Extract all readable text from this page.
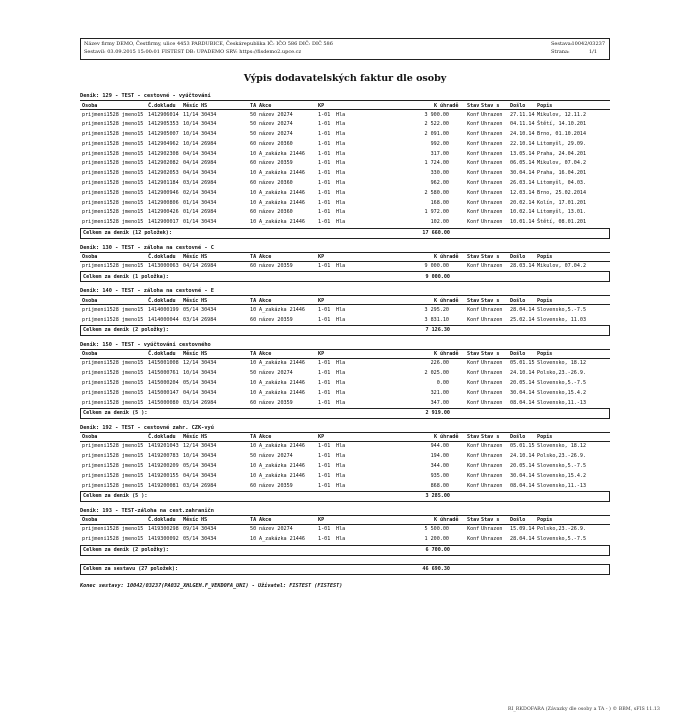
Název firmy DEMO, Čestfirmy, ulice 4453 PARDUBICE, Českárepublika IČ: IČO 586 DIČ: DIČ 586
Sestavil: 03.09.2015 15:00:01 FISTEST DB: UPADEMO SRV: https://fisdemo2.upce.cz
Sestava: 10042/03237
Strana:	1/1
Výpis dodavatelských faktur dle osoby
Deník: 129 - TEST - cestovné - vyúčtování
Osoba	Č.dokladu Měsíc HS	TA Akce	KP	K úhradě Stav Stav s Došlo Popis
prijmeni1528 jmeno15 1412906014 11/14 30434	50 název 20274	1-01 Hla	3 900.00	Konf Uhrazen 27.11.14 Mikulov, 12.11.2
prijmeni1528 jmeno15 1412905353 10/14 30434	50 název 20274	1-01 Hla	2 522.00	Konf Uhrazen 04.11.14 Štětí, 14.10.201
prijmeni1528 jmeno15 1412905007 10/14 30434	50 název 20274	1-01 Hla	2 091.00	Konf Uhrazen 24.10.14 Brno, 01.10.2014
prijmeni1528 jmeno15 1412904962 10/14 26984	60 název 20360	1-01 Hla	992.00	Konf Uhrazen 22.10.14 Litomyšl, 29.09.
prijmeni1528 jmeno15 1412902308 04/14 30434	10 A_zakázka 21446	1-01 Hla	317.00	Konf Uhrazen 13.05.14 Praha, 24.04.201
prijmeni1528 jmeno15 1412902082 04/14 26984	60 název 20359	1-01 Hla	1 724.00	Konf Uhrazen 06.05.14 Mikulov, 07.04.2
prijmeni1528 jmeno15 1412902053 04/14 30434	10 A_zakázka 21446	1-01 Hla	330.00	Konf Uhrazen 30.04.14 Praha, 16.04.201
prijmeni1528 jmeno15 1412901184 03/14 26984	60 název 20360	1-01 Hla	962.00	Konf Uhrazen 26.03.14 Litomyšl, 04.03.
prijmeni1528 jmeno15 1412900946 02/14 30434	10 A_zakázka 21446	1-01 Hla	2 580.00	Konf Uhrazen 12.03.14 Brno, 25.02.2014
prijmeni1528 jmeno15 1412900806 01/14 30434	10 A_zakázka 21446	1-01 Hla	168.00	Konf Uhrazen 20.02.14 Kolín, 17.01.201
prijmeni1528 jmeno15 1412900426 01/14 26984	60 název 20360	1-01 Hla	1 972.00	Konf Uhrazen 10.02.14 Litomyšl, 13.01.
prijmeni1528 jmeno15 1412900017 01/14 30434	10 A_zakázka 21446	1-01 Hla	102.00	Konf Uhrazen 10.01.14 Štětí, 08.01.201
Celkem za deník (12 položek):	17 660.00
Deník: 130 - TEST - záloha na cestovné - C
Osoba	Č.dokladu Měsíc HS	TA Akce	KP	K úhradě Stav Stav s Došlo Popis
prijmeni1528 jmeno15 1413000063 04/14 26984	60 název 20359	1-01 Hla	9 000.00	Konf Uhrazen 28.03.14 Mikulov, 07.04.2
Celkem za deník (1 položka):	9 000.00
Deník: 140 - TEST - záloha na cestovné - E
Osoba	Č.dokladu Měsíc HS	TA Akce	KP	K úhradě Stav Stav s Došlo Popis
prijmeni1528 jmeno15 1414000199 05/14 30434	10 A_zakázka 21446	1-01 Hla	3 295.20	Konf Uhrazen 28.04.14 Slovensko,5.-7.5
prijmeni1528 jmeno15 1414000044 03/14 26984	60 název 20359	1-01 Hla	3 831.10	Konf Uhrazen 25.02.14 Slovensko, 11.03
Celkem za deník (2 položky):	7 126.30
Deník: 150 - TEST - vyúčtování cestovného
Osoba	Č.dokladu Měsíc HS	TA Akce	KP	K úhradě Stav Stav s Došlo Popis
prijmeni1528 jmeno15 1415001008 12/14 30434	10 A_zakázka 21446	1-01 Hla	226.00	Konf Uhrazen 05.01.15 Slovensko, 18.12
prijmeni1528 jmeno15 1415000761 10/14 30434	50 název 20274	1-01 Hla	2 025.00	Konf Uhrazen 24.10.14 Polsko,23.-26.9.
prijmeni1528 jmeno15 1415000204 05/14 30434	10 A_zakázka 21446	1-01 Hla	0.00	Konf Uhrazen 20.05.14 Slovensko,5.-7.5
prijmeni1528 jmeno15 1415000147 04/14 30434	10 A_zakázka 21446	1-01 Hla	321.00	Konf Uhrazen 30.04.14 Slovensko,15.4.2
prijmeni1528 jmeno15 1415000080 03/14 26984	60 název 20359	1-01 Hla	347.00	Konf Uhrazen 08.04.14 Slovensko,11.-13
Celkem za deník (5 ):	2 919.00
Deník: 192 - TEST - cestovné zahr. CZK-vyú
Osoba	Č.dokladu Měsíc HS	TA Akce	KP	K úhradě Stav Stav s Došlo Popis
prijmeni1528 jmeno15 1419201043 12/14 30434	10 A_zakázka 21446	1-01 Hla	944.00	Konf Uhrazen 05.01.15 Slovensko, 18.12
prijmeni1528 jmeno15 1419200783 10/14 30434	50 název 20274	1-01 Hla	194.00	Konf Uhrazen 24.10.14 Polsko,23.-26.9.
prijmeni1528 jmeno15 1419200209 05/14 30434	10 A_zakázka 21446	1-01 Hla	344.00	Konf Uhrazen 20.05.14 Slovensko,5.-7.5
prijmeni1528 jmeno15 1419200155 04/14 30434	10 A_zakázka 21446	1-01 Hla	935.00	Konf Uhrazen 30.04.14 Slovensko,15.4.2
prijmeni1528 jmeno15 1419200081 03/14 26984	60 název 20359	1-01 Hla	868.00	Konf Uhrazen 08.04.14 Slovensko,11.-13
Celkem za deník (5 ):	3 285.00
Deník: 193 - TEST-záloha na cest.zahraničn
Osoba	Č.dokladu Měsíc HS	TA Akce	KP	K úhradě Stav Stav s Došlo Popis
prijmeni1528 jmeno15 1419300298 09/14 30434	50 název 20274	1-01 Hla	5 500.00	Konf Uhrazen 15.09.14 Polsko,23.-26.9.
prijmeni1528 jmeno15 1419300092 05/14 30434	10 A_zakázka 21446	1-01 Hla	1 200.00	Konf Uhrazen 28.04.14 Slovensko,5.-7.5
Celkem za deník (2 položky):	6 700.00
Celkem za sestavu (27 položek):	46 690.30
Konec sestavy: 10042/03237(PA032_XHLGEH.F_VEKDOFA_UNI) - Uživatel: FISTEST (FISTEST)
RI_RKDOFARA (Závazky dle osoby a TA - ) © BBM, sFIS 11.13
